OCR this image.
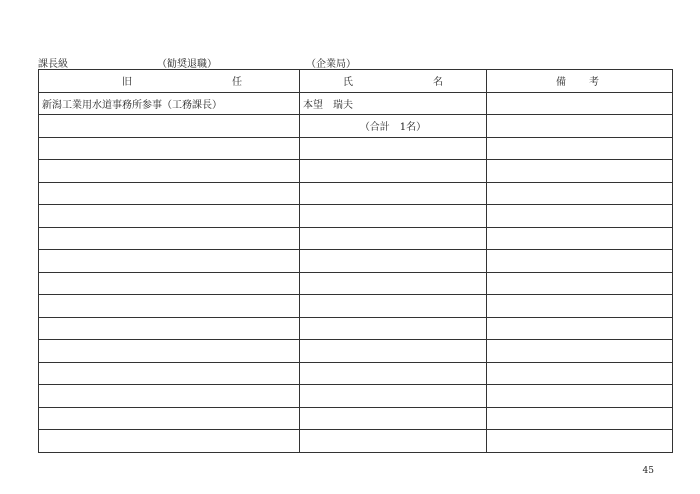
課長級	（勧奨退職）	（企業局）
旧 任	氏 名	備 考

新潟工業用水道事務所参事（工務課長）	本望　瑞夫	
	（合計　1名）	

45
